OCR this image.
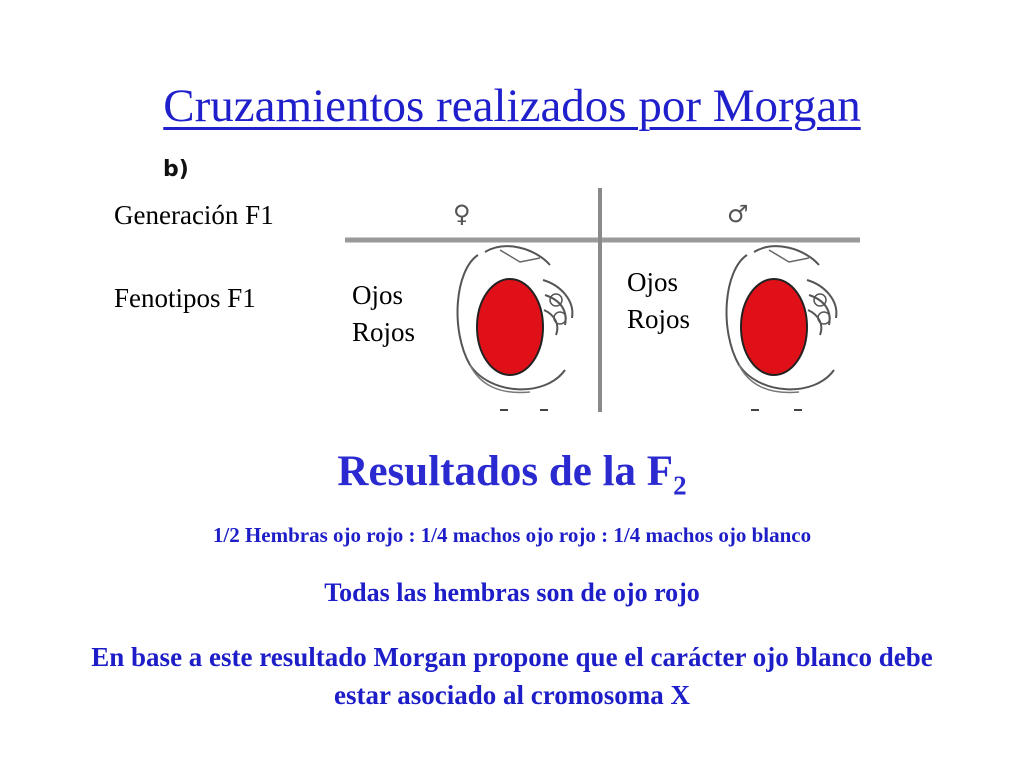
Cruzamientos realizados por Morgan
b)
Generación F1
Fenotipos F1
♀	♂
Ojos
Rojos
Ojos
Rojos
Resultados de la $F_2$
1/2 Hembras ojo rojo : 1/4 machos ojo rojo : 1/4 machos ojo blanco
Todas las hembras son de ojo rojo
En base a este resultado Morgan propone que el carácter ojo blanco debe estar asociado al cromosoma X
